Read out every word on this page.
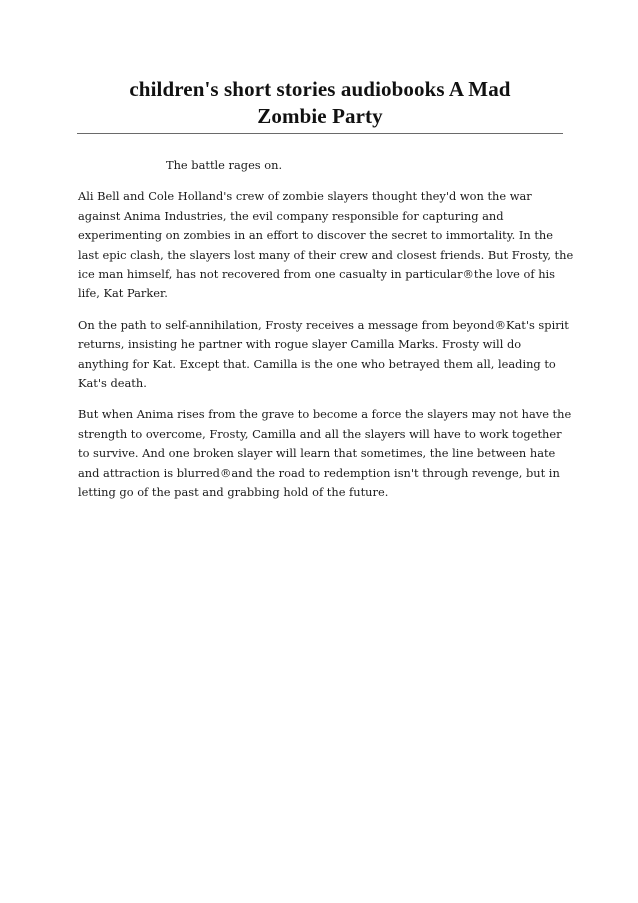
children's short stories audiobooks A Mad
Zombie Party

The battle rages on.

Ali Bell and Cole Holland's crew of zombie slayers thought they'd won the war
against Anima Industries, the evil company responsible for capturing and
experimenting on zombies in an effort to discover the secret to immortality. In the
last epic clash, the slayers lost many of their crew and closest friends. But Frosty, the
ice man himself, has not recovered from one casualty in particular®the love of his
life, Kat Parker.

On the path to self-annihilation, Frosty receives a message from beyond®Kat's spirit
returns, insisting he partner with rogue slayer Camilla Marks. Frosty will do
anything for Kat. Except that. Camilla is the one who betrayed them all, leading to
Kat's death.

But when Anima rises from the grave to become a force the slayers may not have the
strength to overcome, Frosty, Camilla and all the slayers will have to work together
to survive. And one broken slayer will learn that sometimes, the line between hate
and attraction is blurred®and the road to redemption isn't through revenge, but in
letting go of the past and grabbing hold of the future.
